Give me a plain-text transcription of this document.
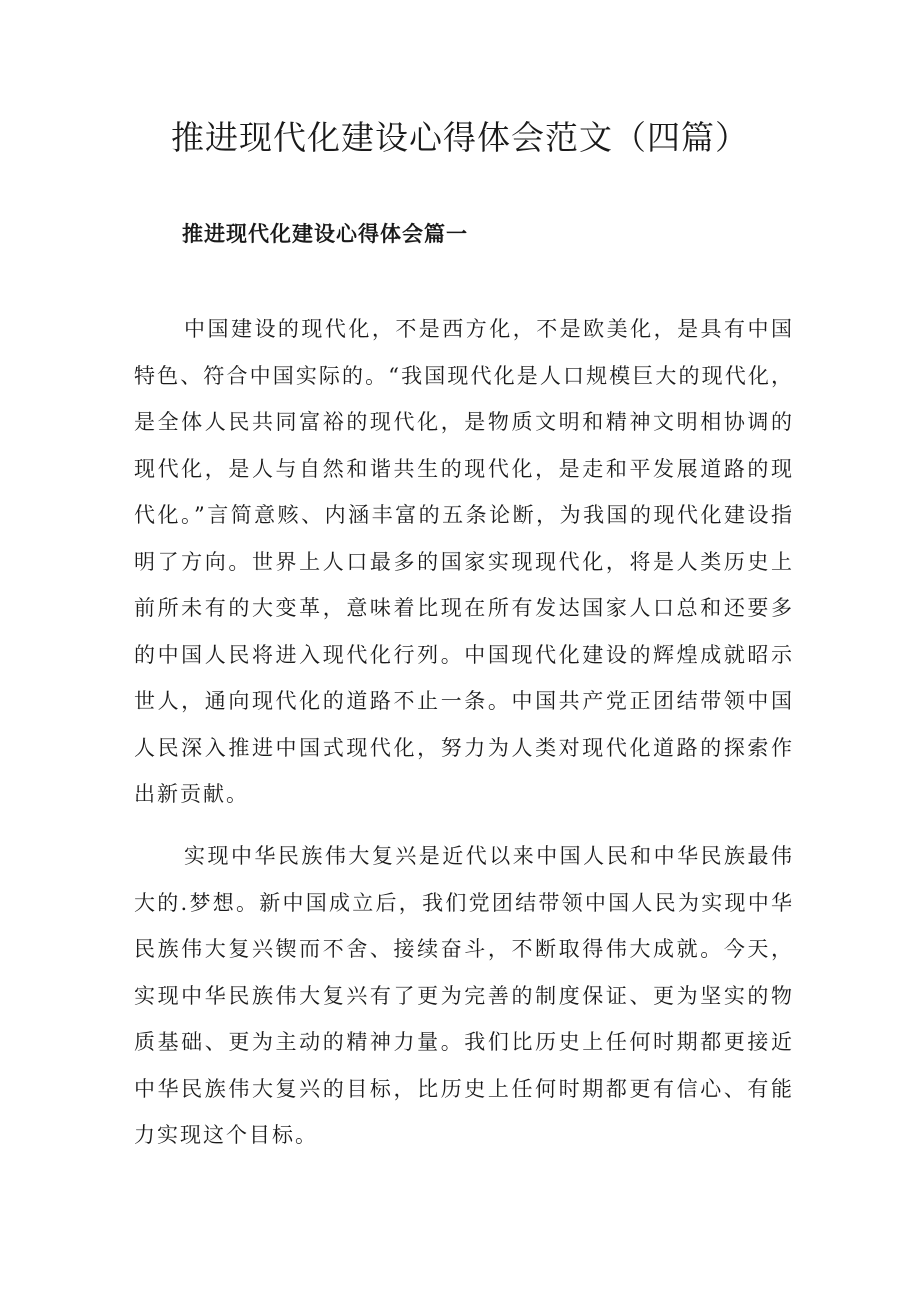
推进现代化建设心得体会范文（四篇）
推进现代化建设心得体会篇一

中国建设的现代化，不是西方化，不是欧美化，是具有中国特色、符合中国实际的。“我国现代化是人口规模巨大的现代化，是全体人民共同富裕的现代化，是物质文明和精神文明相协调的现代化，是人与自然和谐共生的现代化，是走和平发展道路的现代化。”言简意赅、内涵丰富的五条论断，为我国的现代化建设指明了方向。世界上人口最多的国家实现现代化，将是人类历史上前所未有的大变革，意味着比现在所有发达国家人口总和还要多的中国人民将进入现代化行列。中国现代化建设的辉煌成就昭示世人，通向现代化的道路不止一条。中国共产党正团结带领中国人民深入推进中国式现代化，努力为人类对现代化道路的探索作出新贡献。

实现中华民族伟大复兴是近代以来中国人民和中华民族最伟大的.梦想。新中国成立后，我们党团结带领中国人民为实现中华民族伟大复兴锲而不舍、接续奋斗，不断取得伟大成就。今天，实现中华民族伟大复兴有了更为完善的制度保证、更为坚实的物质基础、更为主动的精神力量。我们比历史上任何时期都更接近中华民族伟大复兴的目标，比历史上任何时期都更有信心、有能力实现这个目标。
